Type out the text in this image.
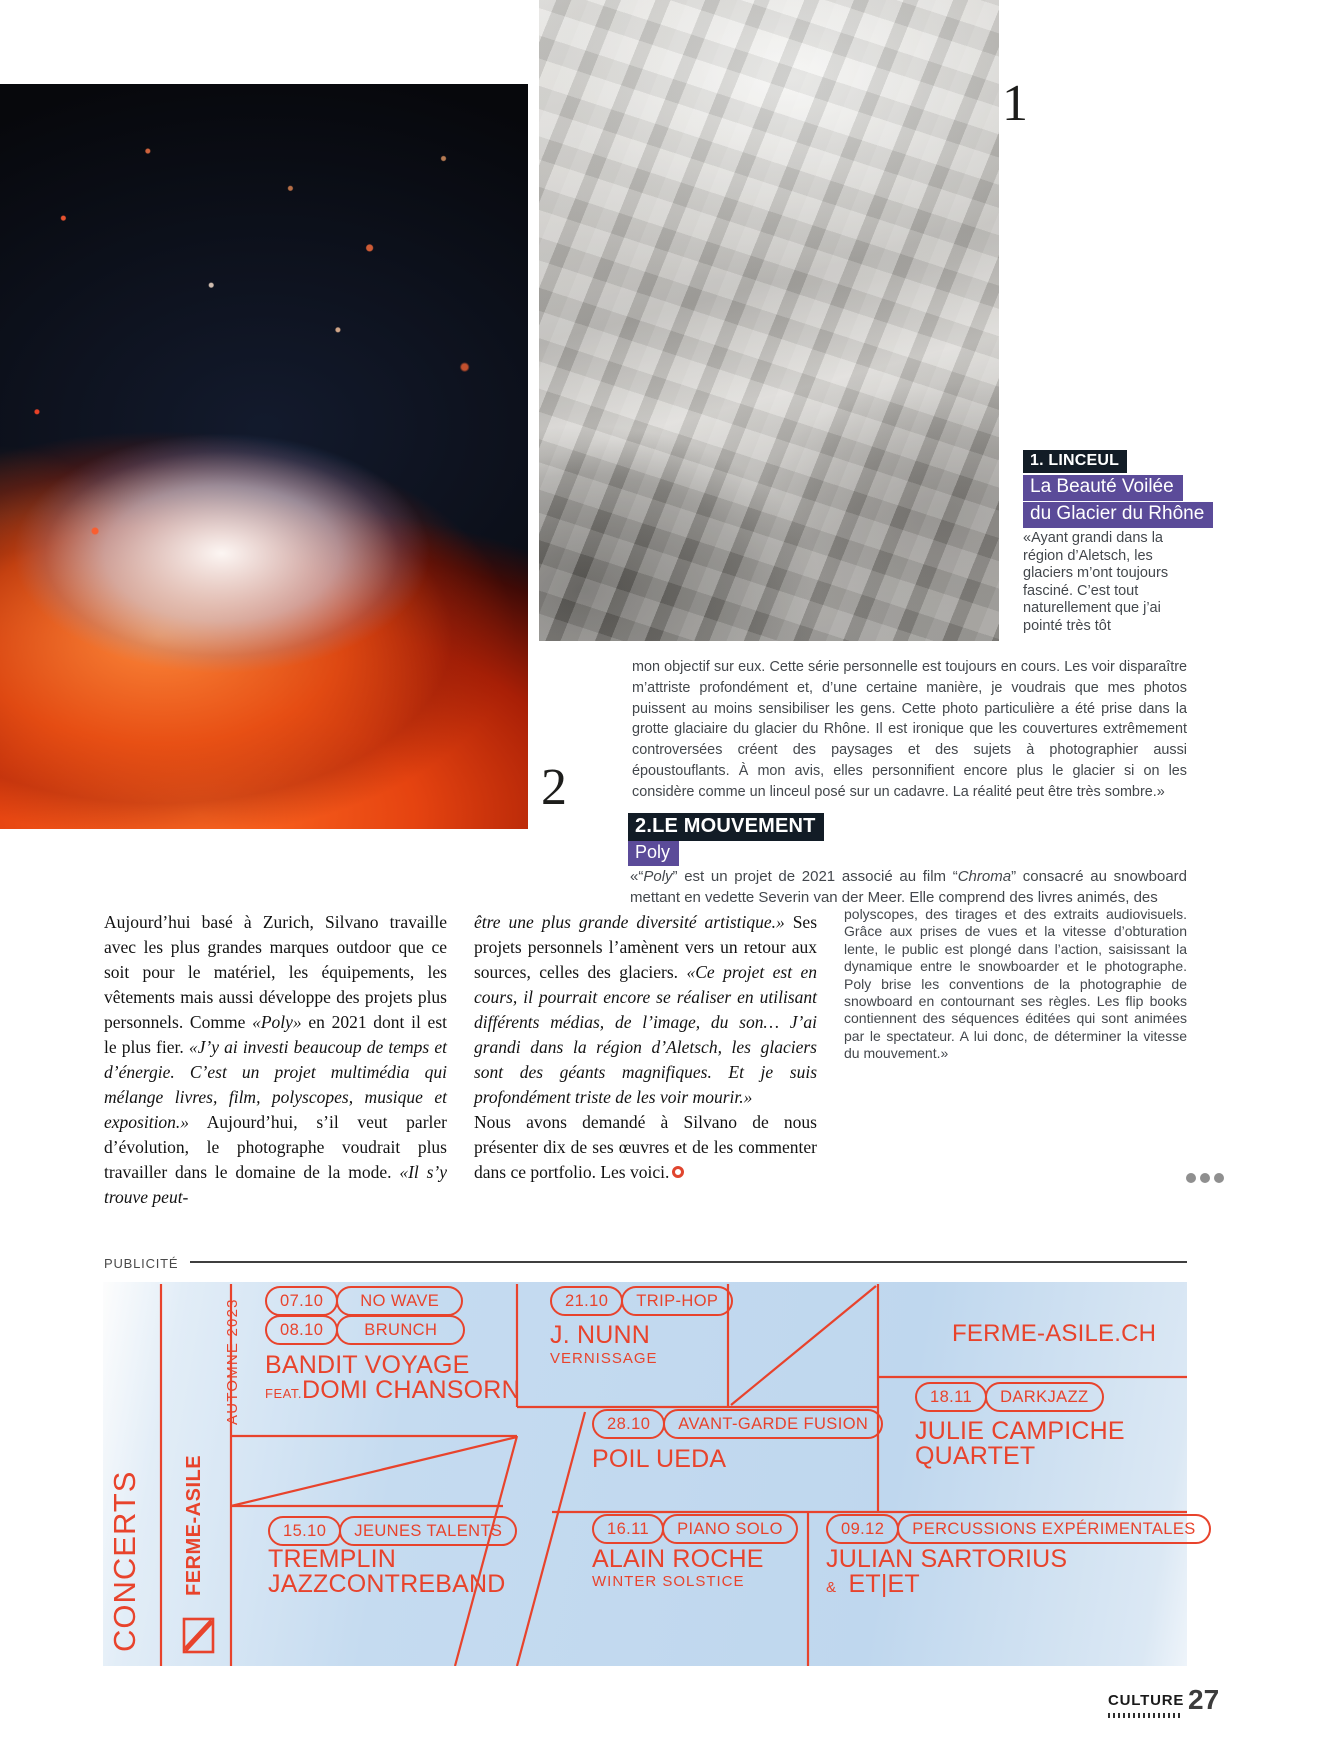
1
2
1. LINCEUL
La Beauté Voilée
du Glacier du Rhône
«Ayant grandi dans la région d’Aletsch, les glaciers m’ont toujours fasciné. C’est tout naturellement que j’ai pointé très tôt
mon objectif sur eux. Cette série personnelle est toujours en cours. Les voir disparaître m’attriste profondément et, d’une certaine manière, je voudrais que mes photos puissent au moins sensibiliser les gens. Cette photo particulière a été prise dans la grotte glaciaire du glacier du Rhône. Il est ironique que les couvertures extrêmement controversées créent des paysages et des sujets à photographier aussi époustouflants. À mon avis, elles personnifient encore plus le glacier si on les considère comme un linceul posé sur un cadavre. La réalité peut être très sombre.»
2.LE MOUVEMENT
Poly
«“Poly” est un projet de 2021 associé au film “Chroma” consacré au snowboard mettant en vedette Severin van der Meer. Elle comprend des livres animés, des
polyscopes, des tirages et des extraits audiovisuels. Grâce aux prises de vues et la vitesse d’obturation lente, le public est plongé dans l’action, saisissant la dynamique entre le snowboarder et le photographe. Poly brise les conventions de la photographie de snowboard en contournant ses règles. Les flip books contiennent des séquences éditées qui sont animées par le spectateur. A lui donc, de déterminer la vitesse du mouvement.»
Aujourd’hui basé à Zurich, Silvano travaille avec les plus grandes marques outdoor que ce soit pour le matériel, les équipements, les vêtements mais aussi développe des projets plus personnels. Comme «Poly» en 2021 dont il est le plus fier. «J’y ai investi beaucoup de temps et d’énergie. C’est un projet multimédia qui mélange livres, film, polyscopes, musique et exposition.» Aujourd’hui, s’il veut parler d’évolution, le photographe voudrait plus travailler dans le domaine de la mode. «Il s’y trouve peut-
être une plus grande diversité artistique.» Ses projets personnels l’amènent vers un retour aux sources, celles des glaciers. «Ce projet est en cours, il pourrait encore se réaliser en utilisant différents médias, de l’image, du son… J’ai grandi dans la région d’Aletsch, les glaciers sont des géants magnifiques. Et je suis profondément triste de les voir mourir.»
Nous avons demandé à Silvano de nous présenter dix de ses œuvres et de les commenter dans ce portfolio. Les voici.
PUBLICITÉ
AUTOMNE 2023
CONCERTS FERME-ASILE
07.10	NO WAVE
08.10	BRUNCH
BANDIT VOYAGE
FEAT.DOMI CHANSORN
21.10	TRIP-HOP
J. NUNN
VERNISSAGE
FERME-ASILE.CH
18.11	DARKJAZZ
JULIE CAMPICHE
QUARTET
28.10	AVANT-GARDE FUSION
POIL UEDA
15.10	JEUNES TALENTS
TREMPLIN
JAZZCONTREBAND
16.11	PIANO SOLO
ALAIN ROCHE
WINTER SOLSTICE
09.12	PERCUSSIONS EXPÉRIMENTALES
JULIAN SARTORIUS
& ET|ET
CULTURE 27
